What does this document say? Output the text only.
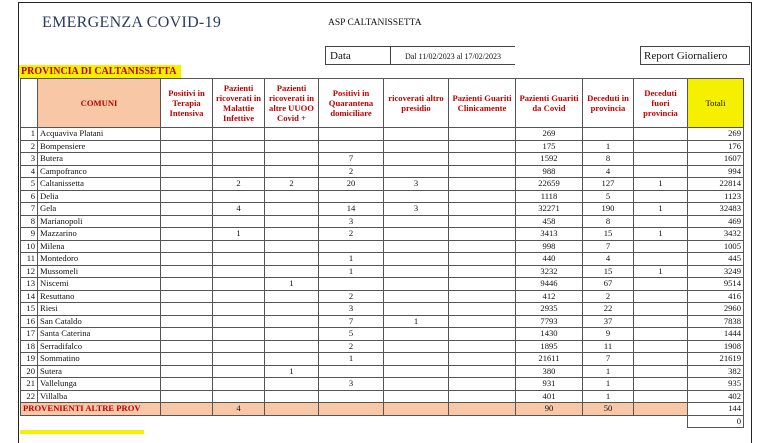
EMERGENZA COVID-19	ASP CALTANISSETTA
Data	Dal 11/02/2023 al 17/02/2023	Report Giornaliero
PROVINCIA DI CALTANISSETTA
	COMUNI	Positivi in Terapia Intensiva	Pazienti ricoverati in Malattie Infettive	Pazienti ricoverati in altre UUOO Covid +	Positivi in Quarantena domiciliare	ricoverati altro presidio	Pazienti Guariti Clinicamente	Pazienti Guariti da Covid	Deceduti in provincia	Deceduti fuori provincia	Totali
1	Acquaviva Platani							269			269
2	Bompensiere							175	1		176
3	Butera				7			1592	8		1607
4	Campofranco				2			988	4		994
5	Caltanissetta		2	2	20	3		22659	127	1	22814
6	Delia							1118	5		1123
7	Gela		4		14	3		32271	190	1	32483
8	Marianopoli				3			458	8		469
9	Mazzarino		1		2			3413	15	1	3432
10	Milena							998	7		1005
11	Montedoro				1			440	4		445
12	Mussomeli				1			3232	15	1	3249
13	Niscemi			1				9446	67		9514
14	Resuttano				2			412	2		416
15	Riesi				3			2935	22		2960
16	San Cataldo				7	1		7793	37		7838
17	Santa Caterina				5			1430	9		1444
18	Serradifalco				2			1895	11		1908
19	Sommatino				1			21611	7		21619
20	Sutera			1				380	1		382
21	Vallelunga				3			931	1		935
22	Villalba							401	1		402
PROVENIENTI ALTRE PROV			4					90	50		144
											0
